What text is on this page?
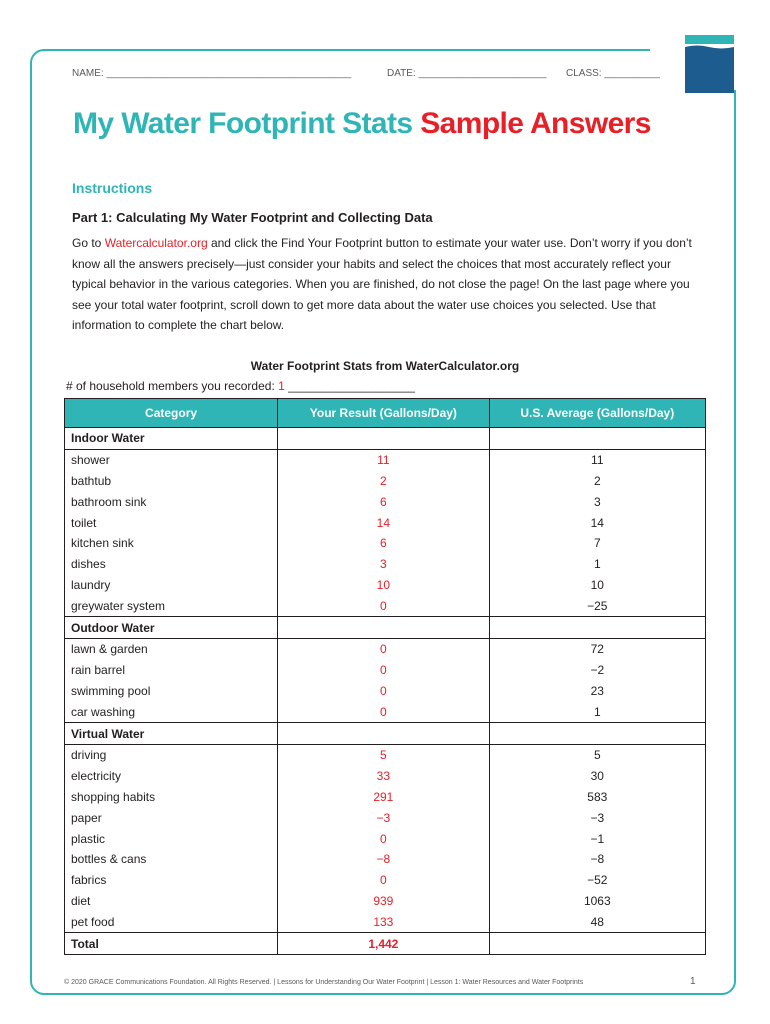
NAME: ____________________________________________	DATE: _______________________ CLASS: __________
My Water Footprint Stats Sample Answers
Instructions
Part 1: Calculating My Water Footprint and Collecting Data
Go to Watercalculator.org and click the Find Your Footprint button to estimate your water use. Don’t worry if you don’t know all the answers precisely—just consider your habits and select the choices that most accurately reflect your typical behavior in the various categories. When you are finished, do not close the page! On the last page where you see your total water footprint, scroll down to get more data about the water use choices you selected. Use that information to complete the chart below.
Water Footprint Stats from WaterCalculator.org
# of household members you recorded: 1 ___________________
Category	Your Result (Gallons/Day)	U.S. Average (Gallons/Day)
Indoor Water		
shower	11	11
bathtub	2	2
bathroom sink	6	3
toilet	14	14
kitchen sink	6	7
dishes	3	1
laundry	10	10
greywater system	0	−25
Outdoor Water		
lawn & garden	0	72
rain barrel	0	−2
swimming pool	0	23
car washing	0	1
Virtual Water		
driving	5	5
electricity	33	30
shopping habits	291	583
paper	−3	−3
plastic	0	−1
bottles & cans	−8	−8
fabrics	0	−52
diet	939	1063
pet food	133	48
Total	1,442	
© 2020 GRACE Communications Foundation. All Rights Reserved. | Lessons for Understanding Our Water Footprint | Lesson 1: Water Resources and Water Footprints	1
